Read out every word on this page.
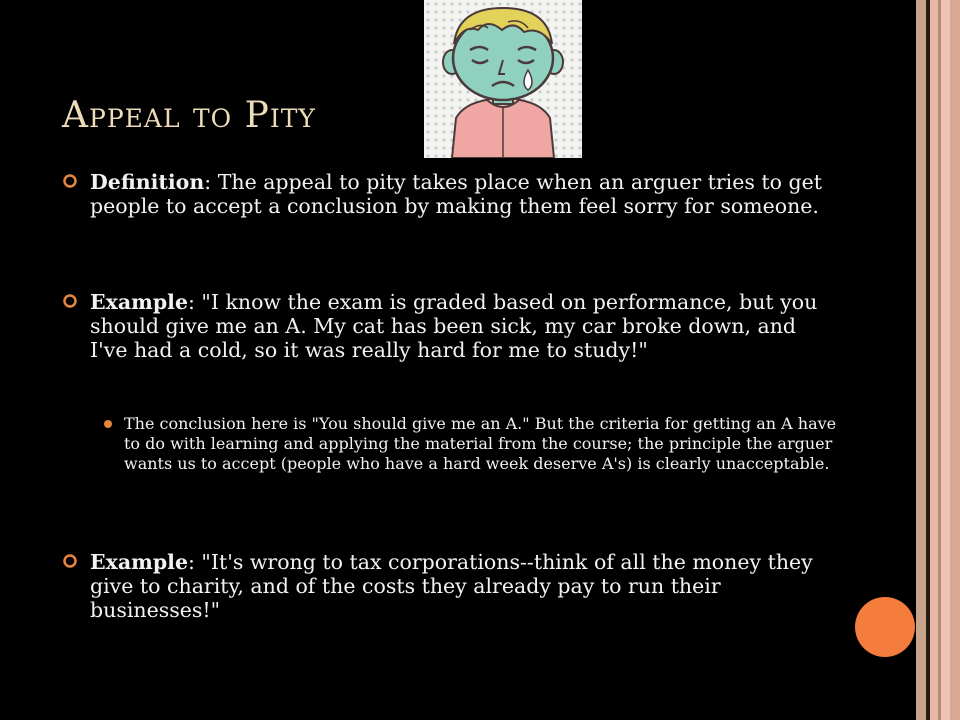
Appeal to Pity

Definition: The appeal to pity takes place when an arguer tries to get people to accept a conclusion by making them feel sorry for someone.

Example: "I know the exam is graded based on performance, but you should give me an A. My cat has been sick, my car broke down, and I've had a cold, so it was really hard for me to study!"

The conclusion here is "You should give me an A." But the criteria for getting an A have to do with learning and applying the material from the course; the principle the arguer wants us to accept (people who have a hard week deserve A's) is clearly unacceptable.

Example: "It's wrong to tax corporations--think of all the money they give to charity, and of the costs they already pay to run their businesses!"
